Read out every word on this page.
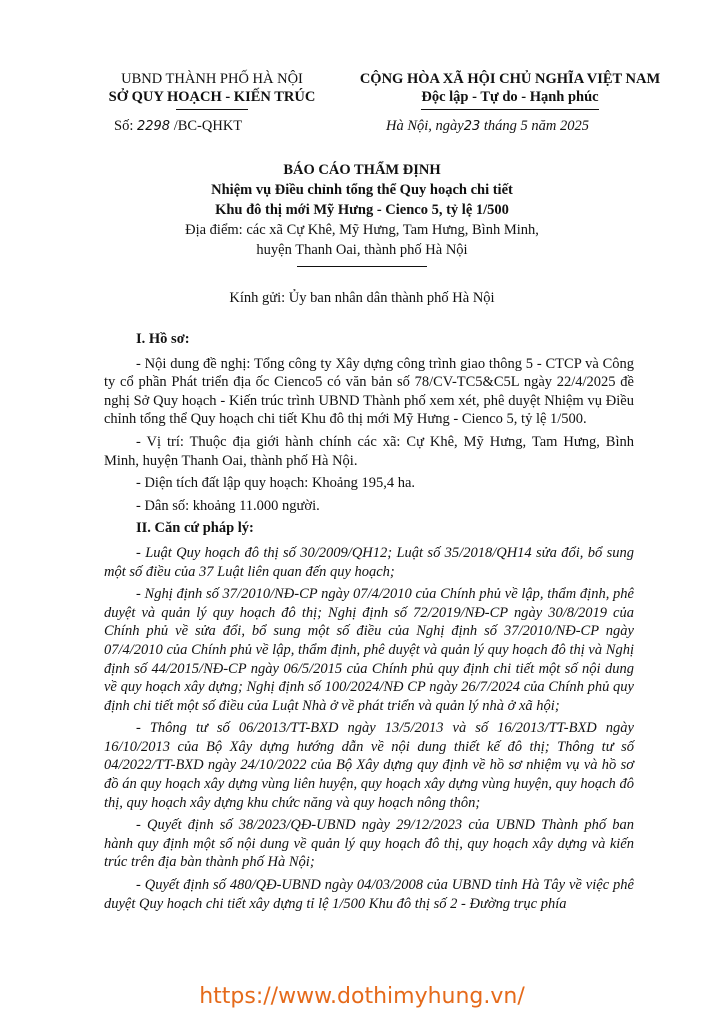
UBND THÀNH PHỐ HÀ NỘI
SỞ QUY HOẠCH - KIẾN TRÚC
CỘNG HÒA XÃ HỘI CHỦ NGHĨA VIỆT NAM
Độc lập - Tự do - Hạnh phúc
Số: 2298 /BC-QHKT	Hà Nội, ngày23 tháng 5 năm 2025
BÁO CÁO THẨM ĐỊNH
Nhiệm vụ Điều chỉnh tổng thể Quy hoạch chi tiết
Khu đô thị mới Mỹ Hưng - Cienco 5, tỷ lệ 1/500
Địa điểm: các xã Cự Khê, Mỹ Hưng, Tam Hưng, Bình Minh,
huyện Thanh Oai, thành phố Hà Nội
Kính gửi: Ủy ban nhân dân thành phố Hà Nội
I. Hồ sơ:

- Nội dung đề nghị: Tổng công ty Xây dựng công trình giao thông 5 - CTCP và Công ty cổ phần Phát triển địa ốc Cienco5 có văn bản số 78/CV-TC5&C5L ngày 22/4/2025 đề nghị Sở Quy hoạch - Kiến trúc trình UBND Thành phố xem xét, phê duyệt Nhiệm vụ Điều chỉnh tổng thể Quy hoạch chi tiết Khu đô thị mới Mỹ Hưng - Cienco 5, tỷ lệ 1/500.

- Vị trí: Thuộc địa giới hành chính các xã: Cự Khê, Mỹ Hưng, Tam Hưng, Bình Minh, huyện Thanh Oai, thành phố Hà Nội.

- Diện tích đất lập quy hoạch: Khoảng 195,4 ha.

- Dân số: khoảng 11.000 người.

II. Căn cứ pháp lý:

- Luật Quy hoạch đô thị số 30/2009/QH12; Luật số 35/2018/QH14 sửa đổi, bổ sung một số điều của 37 Luật liên quan đến quy hoạch;

- Nghị định số 37/2010/NĐ-CP ngày 07/4/2010 của Chính phủ về lập, thẩm định, phê duyệt và quản lý quy hoạch đô thị; Nghị định số 72/2019/NĐ-CP ngày 30/8/2019 của Chính phủ về sửa đổi, bổ sung một số điều của Nghị định số 37/2010/NĐ-CP ngày 07/4/2010 của Chính phủ về lập, thẩm định, phê duyệt và quản lý quy hoạch đô thị và Nghị định số 44/2015/NĐ-CP ngày 06/5/2015 của Chính phủ quy định chi tiết một số nội dung về quy hoạch xây dựng; Nghị định số 100/2024/NĐ CP ngày 26/7/2024 của Chính phủ quy định chi tiết một số điều của Luật Nhà ở về phát triển và quản lý nhà ở xã hội;

- Thông tư số 06/2013/TT-BXD ngày 13/5/2013 và số 16/2013/TT-BXD ngày 16/10/2013 của Bộ Xây dựng hướng dẫn về nội dung thiết kế đô thị; Thông tư số 04/2022/TT-BXD ngày 24/10/2022 của Bộ Xây dựng quy định về hồ sơ nhiệm vụ và hồ sơ đồ án quy hoạch xây dựng vùng liên huyện, quy hoạch xây dựng vùng huyện, quy hoạch đô thị, quy hoạch xây dựng khu chức năng và quy hoạch nông thôn;

- Quyết định số 38/2023/QĐ-UBND ngày 29/12/2023 của UBND Thành phố ban hành quy định một số nội dung về quản lý quy hoạch đô thị, quy hoạch xây dựng và kiến trúc trên địa bàn thành phố Hà Nội;

- Quyết định số 480/QĐ-UBND ngày 04/03/2008 của UBND tỉnh Hà Tây về việc phê duyệt Quy hoạch chi tiết xây dựng tỉ lệ 1/500 Khu đô thị số 2 - Đường trục phía

https://www.dothimyhung.vn/
